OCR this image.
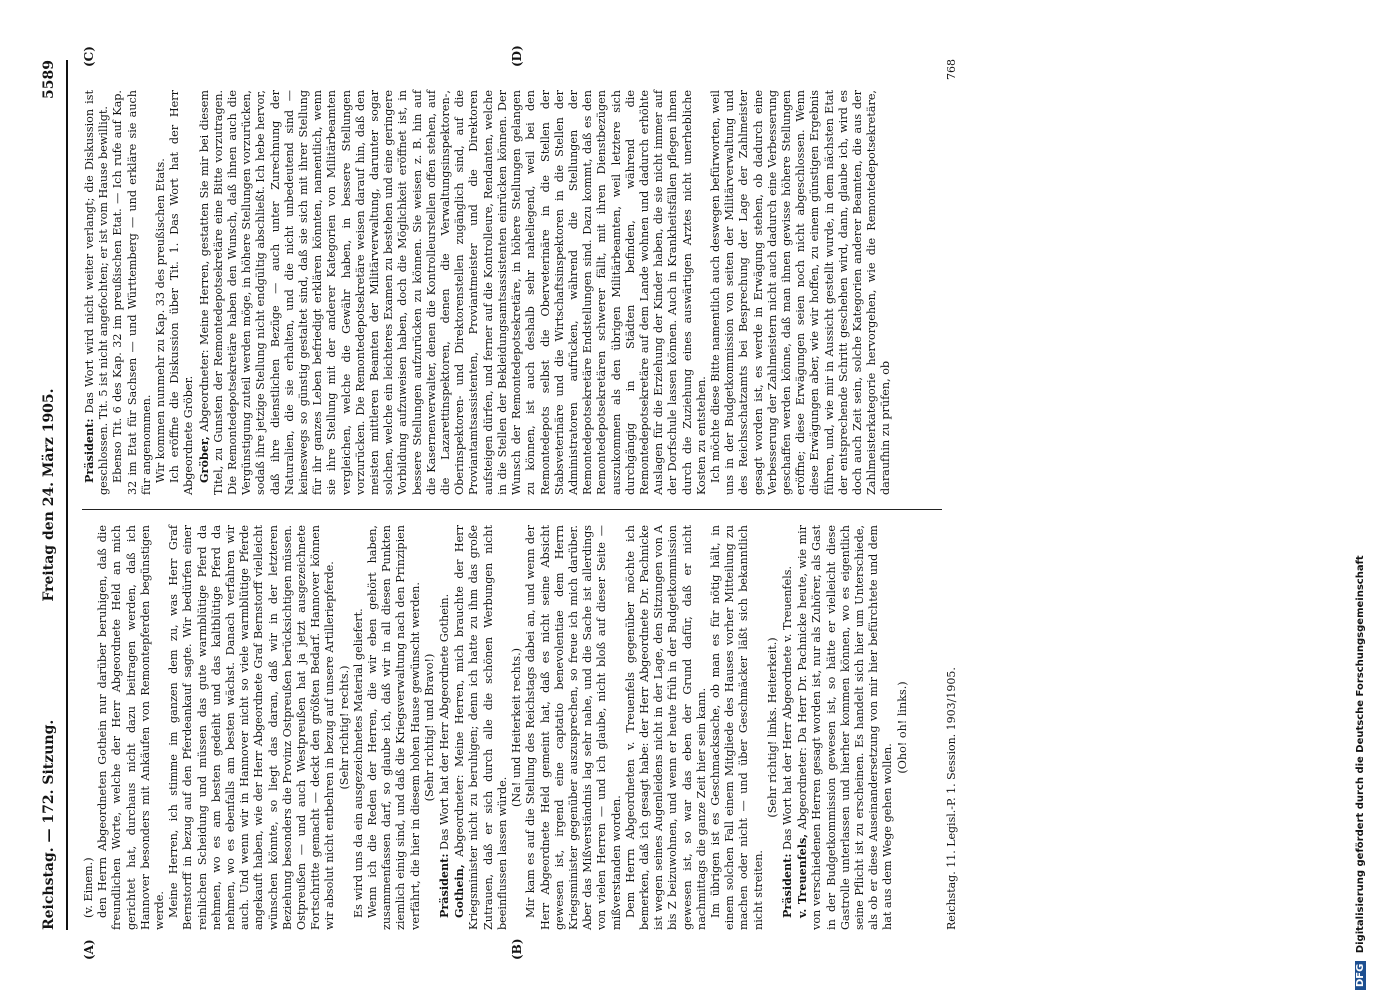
Reichstag. — 172. Sitzung.
Freitag den 24. März 1905.
5589
(A)	(B)
(C)	(D)

(v. Einem.) den Herrn Abgeordneten Gothein nur darüber beruhigen, daß die freundlichen Worte, welche der Herr Abgeordnete Held an mich gerichtet hat, durchaus nicht dazu beitragen werden, daß ich Hannover besonders mit Ankäufen von Remontepferden begünstigen werde. Meine Herren, ich stimme im ganzen dem zu, was Herr Graf Bernstorff in bezug auf den Pferdeankauf sagte. Wir bedürfen einer reinlichen Scheidung und müssen das gute warmblütige Pferd da nehmen, wo es am besten gedeiht und das kaltblütige Pferd da nehmen, wo es ebenfalls am besten wächst. Danach verfahren wir auch. Und wenn wir in Hannover nicht so viele warmblütige Pferde angekauft haben, wie der Herr Abgeordnete Graf Bernstorff vielleicht wünschen könnte, so liegt das daran, daß wir in der letzteren Beziehung besonders die Provinz Ostpreußen berücksichtigen müssen. Ostpreußen — und auch Westpreußen hat ja jetzt ausgezeichnete Fortschritte gemacht — deckt den größten Bedarf. Hannover können wir absolut nicht entbehren in bezug auf unsere Artilleriepferde. (Sehr richtig! rechts.) Es wird uns da ein ausgezeichnetes Material geliefert. Wenn ich die Reden der Herren, die wir eben gehört haben, zusammenfassen darf, so glaube ich, daß wir in all diesen Punkten ziemlich einig sind, und daß die Kriegsverwaltung nach den Prinzipien verfährt, die hier in diesem hohen Hause gewünscht werden. (Sehr richtig! und Bravo!)

Präsident: Das Wort hat der Herr Abgeordnete Gothein.

Gothein, Abgeordneter: Meine Herren, mich brauchte der Herr Kriegsminister nicht zu beruhigen; denn ich hatte zu ihm das große Zutrauen, daß er sich durch alle die schönen Werbungen nicht beeinflussen lassen würde.

(Na! und Heiterkeit rechts.) Mir kam es auf die Stellung des Reichstags dabei an, und wenn der Herr Abgeordnete Held gemeint hat, daß es nicht seine Absicht gewesen ist, irgend eine captatio benevolentiae dem Herrn Kriegsminister gegenüber auszusprechen, so freue ich mich darüber. Aber das Mißverständnis lag sehr nahe, und die Sache ist allerdings von vielen Herren — und ich glaube, nicht bloß auf dieser Seite — mißverstanden worden. Dem Herrn Abgeordneten v. Treuenfels gegenüber möchte ich bemerken, daß ich gesagt habe: der Herr Abgeordnete Dr. Pachnicke ist wegen seines Augenleidens nicht in der Lage, den Sitzungen von A bis Z beizuwohnen, und wenn er heute früh in der Budgetkommission gewesen ist, so war das eben der Grund dafür, daß er nicht nachmittags die ganze Zeit hier sein kann. Im übrigen ist es Geschmacksache, ob man es für nötig hält, in einem solchen Fall einem Mitgliede des Hauses vorher Mitteilung zu machen oder nicht — und über Geschmäcker läßt sich bekanntlich nicht streiten.

(Sehr richtig! links. Heiterkeit.)

Präsident: Das Wort hat der Herr Abgeordnete v. Treuenfels.

v. Treuenfels, Abgeordneter: Da Herr Dr. Pachnicke heute, wie mir von verschiedenen Herren gesagt worden ist, nur als Zuhörer, als Gast in der Budgetkommission gewesen ist, so hätte er vielleicht diese Gastrolle unterlassen und hierher kommen können, wo es eigentlich seine Pflicht ist zu erscheinen. Es handelt sich hier um Unterschiede, als ob er diese Auseinandersetzung von mir hier befürchtete und dem hat aus dem Wege gehen wollen.

(Oho! oh! links.)

Präsident: Das Wort wird nicht weiter verlangt; die Diskussion ist geschlossen. Tit. 5 ist nicht angefochten; er ist vom Hause bewilligt. Ebenso Tit. 6 des Kap. 32 im preußischen Etat. — Ich rufe auf Kap. 32 im Etat für Sachsen — und Württemberg — und erkläre sie auch für angenommen. Wir kommen nunmehr zu Kap. 33 des preußischen Etats. Ich eröffne die Diskussion über Tit. 1. Das Wort hat der Herr Abgeordnete Gröber. Gröber, Abgeordneter: Meine Herren, gestatten Sie mir bei diesem Titel, zu Gunsten der Remontedepotsekretäre eine Bitte vorzutragen. Die Remontedepotsekretäre haben den Wunsch, daß ihnen auch die Vergünstigung zuteil werden möge, in höhere Stellungen vorzurücken, sodaß ihre jetzige Stellung nicht endgültig abschließt. Ich hebe hervor, daß ihre dienstlichen Bezüge — auch unter Zurechnung der Naturalien, die sie erhalten, und die nicht unbedeutend sind — keineswegs so günstig gestaltet sind, daß sie sich mit ihrer Stellung für ihr ganzes Leben befriedigt erklären könnten, namentlich, wenn sie ihre Stellung mit der anderer Kategorien von Militärbeamten vergleichen, welche die Gewähr haben, in bessere Stellungen vorzurücken. Die Remontedepotsekretäre weisen darauf hin, daß den meisten mittleren Beamten der Militärverwaltung, darunter sogar solchen, welche ein leichteres Examen zu bestehen und eine geringere Vorbildung aufzuweisen haben, doch die Möglichkeit eröffnet ist, in bessere Stellungen aufzurücken zu können. Sie weisen z. B. hin auf die Kasernenverwalter, denen die Kontrolleurstellen offen stehen, auf die Lazarettinspektoren, denen die Verwaltungsinspektoren-, Oberinspektoren- und Direktorenstellen zugänglich sind, auf die Proviantamtsassistenten, Proviantmeister und die Direktoren aufsteigen dürfen, und ferner auf die Kontrolleure, Rendanten, welche in die Stellen der Bekleidungsamtsassistenten einrücken können. Der Wunsch der Remontedepotsekretäre, in höhere Stellungen gelangen zu können, ist auch deshalb sehr naheliegend, weil bei den Remontedepots selbst die Oberveterinäre in die Stellen der Stabsveterinäre und die Wirtschaftsinspektoren in die Stellen der Administratoren aufrücken, während die Stellungen der Remontedepotsekretäre Endstellungen sind. Dazu kommt, daß es den Remontedepotsekretären schwerer fällt, mit ihren Dienstbezügen auszukommen als den übrigen Militärbeamten, weil letztere sich durchgängig in Städten befinden, während die Remontedepotsekretäre auf dem Lande wohnen und dadurch erhöhte Auslagen für die Erziehung der Kinder haben, die sie nicht immer auf der Dorfschule lassen können. Auch in Krankheitsfällen pflegen ihnen durch die Zuziehung eines auswärtigen Arztes nicht unerhebliche Kosten zu entstehen. Ich möchte diese Bitte namentlich auch deswegen befürworten, weil uns in der Budgetkommission von seiten der Militärverwaltung und des Reichsschatzamts bei Besprechung der Lage der Zahlmeister gesagt worden ist, es werde in Erwägung stehen, ob dadurch eine Verbesserung der Zahlmeistern nicht auch dadurch eine Verbesserung geschaffen werden könne, daß man ihnen gewisse höhere Stellungen eröffne; diese Erwägungen seien noch nicht abgeschlossen. Wenn diese Erwägungen aber, wie wir hoffen, zu einem günstigen Ergebnis führen, und, wie mir in Aussicht gestellt wurde, in dem nächsten Etat der entsprechende Schritt geschehen wird, dann, glaube ich, wird es doch auch Zeit sein, solche Kategorien anderer Beamten, die aus der Zahlmeisterkategorie hervorgehen, wie die Remontedepotsekretäre, daraufhin zu prüfen, ob

Reichstag. 11. Legisl.-P. 1. Session. 1903/1905.
768
DFG Digitalisierung gefördert durch die Deutsche Forschungsgemeinschaft
